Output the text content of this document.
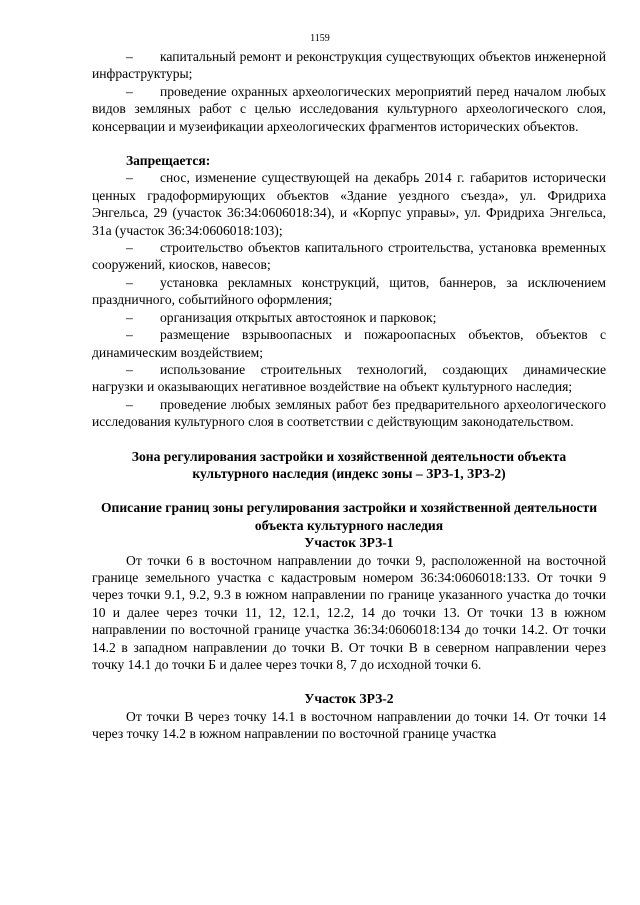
1159

–  капитальный ремонт и реконструкция существующих объектов инженерной инфраструктуры;

–  проведение охранных археологических мероприятий перед началом любых видов земляных работ с целью исследования культурного археологического слоя, консервации и музеификации археологических фрагментов исторических объектов.

Запрещается:

–  снос, изменение существующей на декабрь 2014 г. габаритов исторически ценных градоформирующих объектов «Здание уездного съезда», ул. Фридриха Энгельса, 29 (участок 36:34:0606018:34), и «Корпус управы», ул. Фридриха Энгельса, 31а (участок 36:34:0606018:103);

–  строительство объектов капитального строительства, установка временных сооружений, киосков, навесов;

–  установка рекламных конструкций, щитов, баннеров, за исключением праздничного, событийного оформления;

–  организация открытых автостоянок и парковок;

–  размещение взрывоопасных и пожароопасных объектов, объектов с динамическим воздействием;

–  использование строительных технологий, создающих динамические нагрузки и оказывающих негативное воздействие на объект культурного наследия;

–  проведение любых земляных работ без предварительного археологического исследования культурного слоя в соответствии с действующим законодательством.

Зона регулирования застройки и хозяйственной деятельности объекта культурного наследия (индекс зоны – ЗРЗ-1, ЗРЗ-2)

Описание границ зоны регулирования застройки и хозяйственной деятельности объекта культурного наследия

Участок ЗРЗ-1

От точки 6 в восточном направлении до точки 9, расположенной на восточной границе земельного участка с кадастровым номером 36:34:0606018:133. От точки 9 через точки 9.1, 9.2, 9.3 в южном направлении по границе указанного участка до точки 10 и далее через точки 11, 12, 12.1, 12.2, 14 до точки 13. От точки 13 в южном направлении по восточной границе участка 36:34:0606018:134 до точки 14.2. От точки 14.2 в западном направлении до точки В. От точки В в северном направлении через точку 14.1 до точки Б и далее через точки 8, 7 до исходной точки 6.

Участок ЗРЗ-2

От точки В через точку 14.1 в восточном направлении до точки 14. От точки 14 через точку 14.2 в южном направлении по восточной границе участка
